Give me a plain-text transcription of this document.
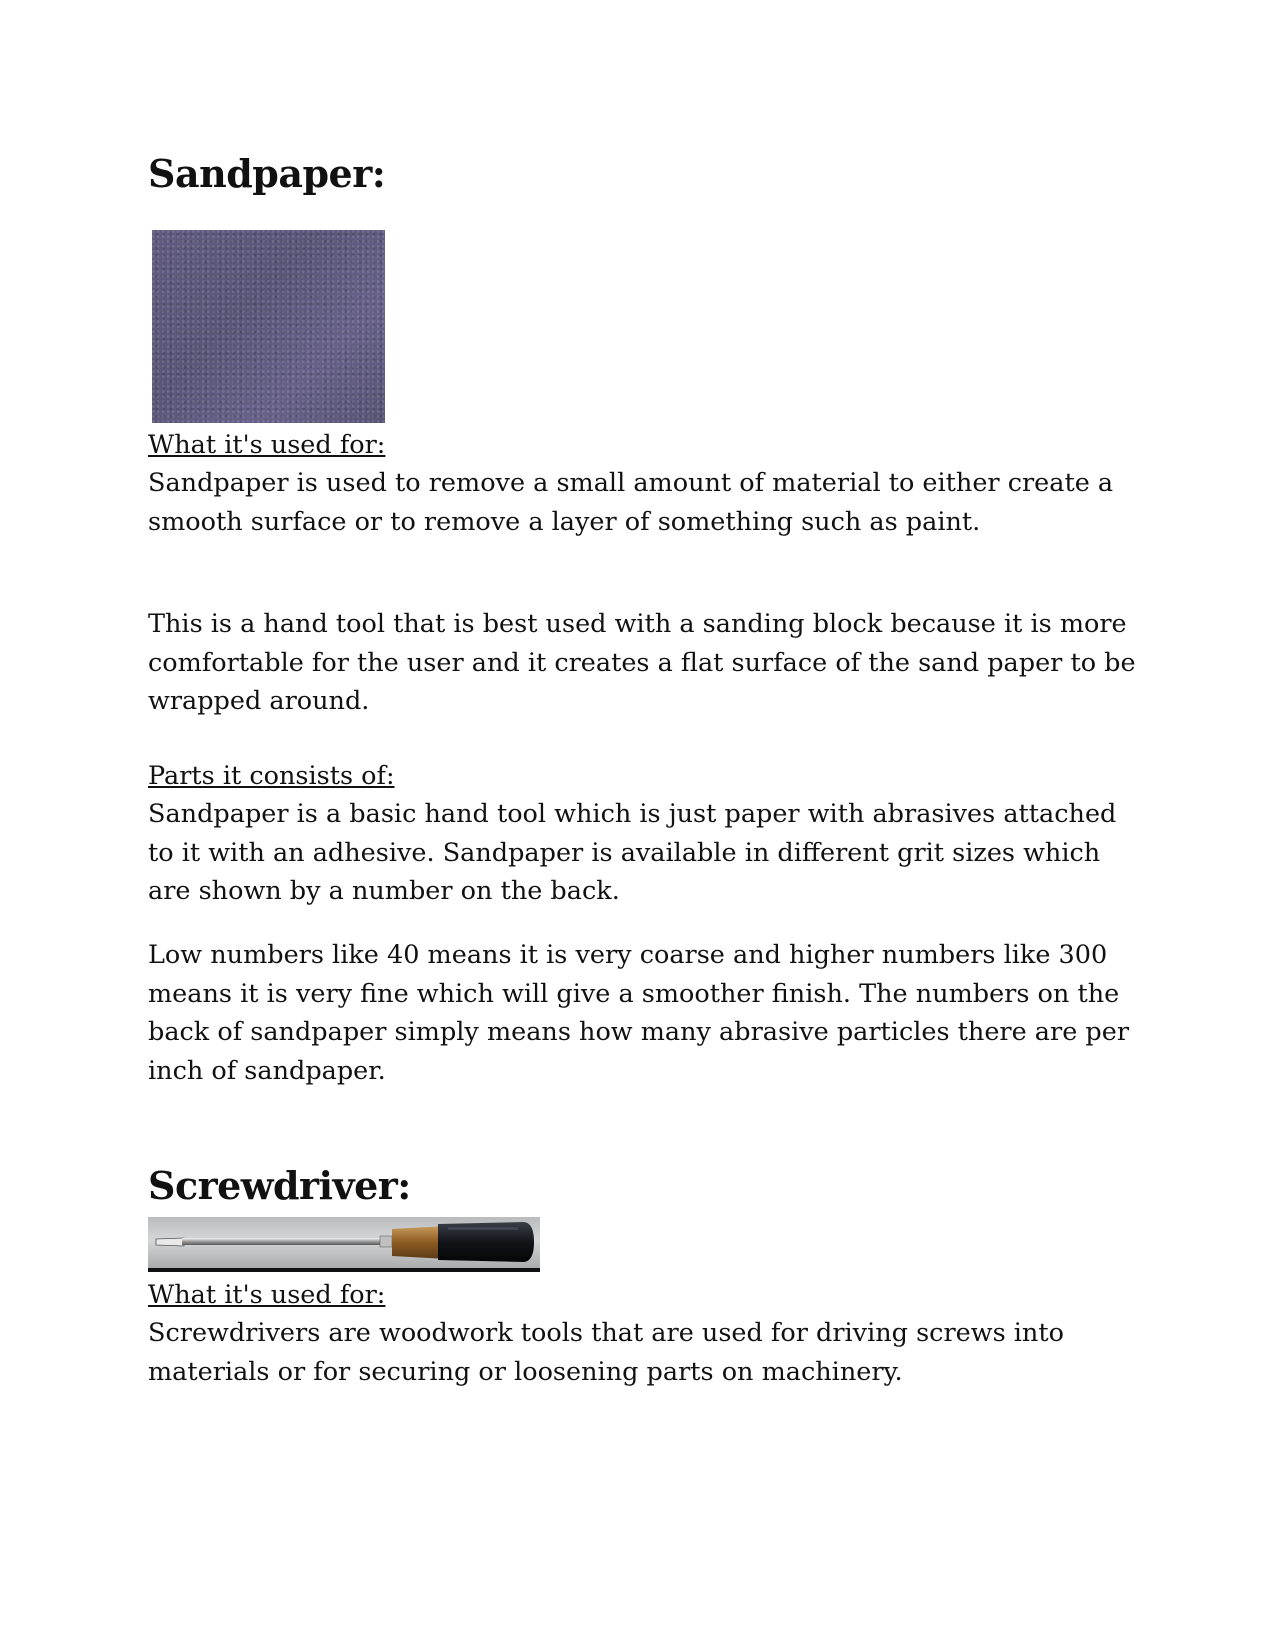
Sandpaper:
What it's used for:

Sandpaper is used to remove a small amount of material to either create a smooth surface or to remove a layer of something such as paint.

This is a hand tool that is best used with a sanding block because it is more comfortable for the user and it creates a flat surface of the sand paper to be wrapped around.

Parts it consists of:

Sandpaper is a basic hand tool which is just paper with abrasives attached to it with an adhesive. Sandpaper is available in different grit sizes which are shown by a number on the back.

Low numbers like 40 means it is very coarse and higher numbers like 300 means it is very fine which will give a smoother finish. The numbers on the back of sandpaper simply means how many abrasive particles there are per inch of sandpaper.

Screwdriver:
What it's used for:

Screwdrivers are woodwork tools that are used for driving screws into materials or for securing or loosening parts on machinery.
